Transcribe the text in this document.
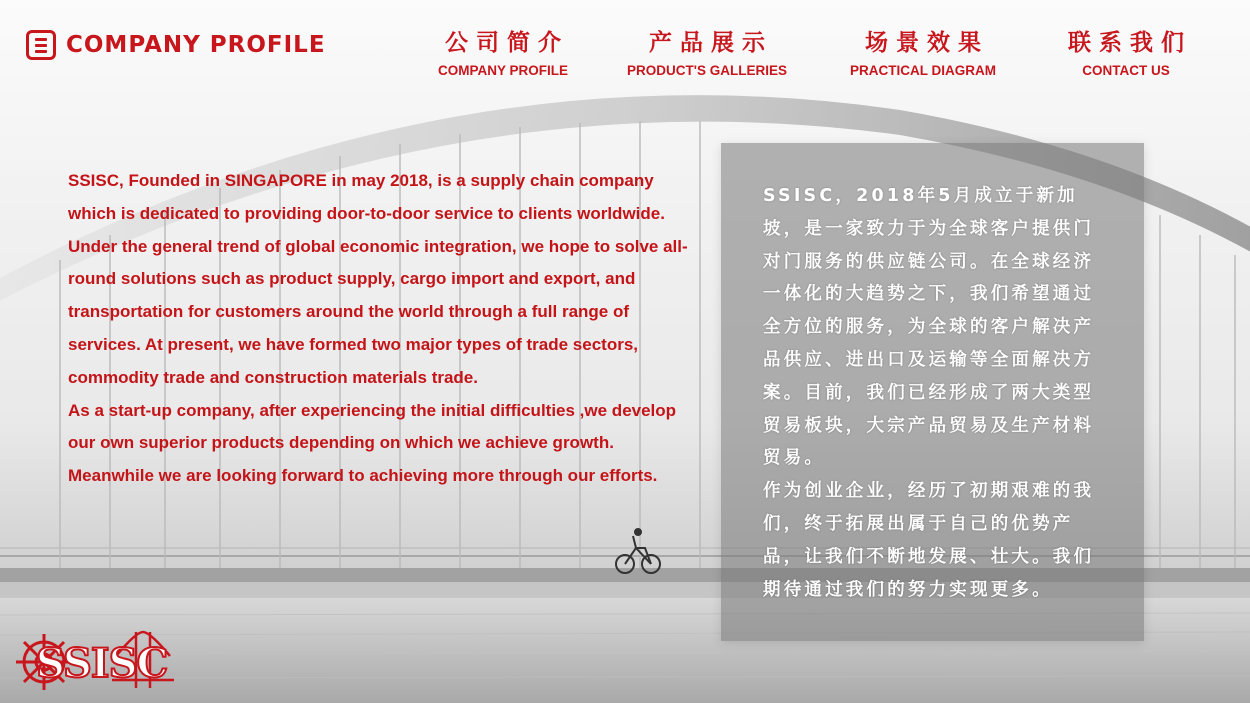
COMPANY PROFILE	公司简介
COMPANY PROFILE
产品展示
PRODUCT'S GALLERIES
场景效果
PRACTICAL DIAGRAM
联系我们
CONTACT US

SSISC, Founded in SINGAPORE in may 2018, is a supply chain company which is dedicated to providing door-to-door service to clients worldwide. Under the general trend of global economic integration, we hope to solve all-round solutions such as product supply, cargo import and export, and transportation for customers around the world through a full range of services. At present, we have formed two major types of trade sectors, commodity trade and construction materials trade.

As a start-up company, after experiencing the initial difficulties ,we develop our own superior products depending on which we achieve growth. Meanwhile we are looking forward to achieving more through our efforts.

SSISC，2018年5月成立于新加坡，是一家致力于为全球客户提供门对门服务的供应链公司。在全球经济一体化的大趋势之下，我们希望通过全方位的服务，为全球的客户解决产品供应、进出口及运输等全面解决方案。目前，我们已经形成了两大类型贸易板块，大宗产品贸易及生产材料贸易。

作为创业企业，经历了初期艰难的我们，终于拓展出属于自己的优势产品，让我们不断地发展、壮大。我们期待通过我们的努力实现更多。

SSISC
